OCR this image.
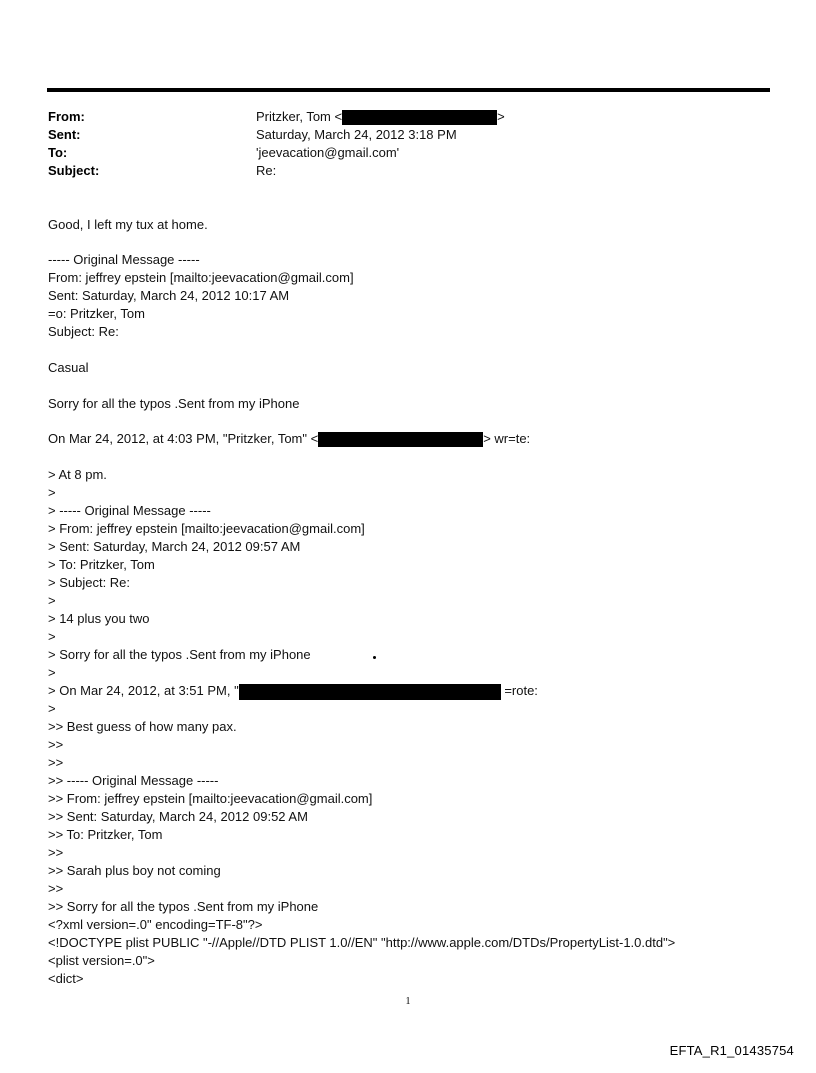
From:	Pritzker, Tom <	>
Sent:	Saturday, March 24, 2012 3:18 PM
To:	'jeevacation@gmail.com'
Subject:	Re:
Good, I left my tux at home.
----- Original Message -----
From: jeffrey epstein [mailto:jeevacation@gmail.com]
Sent: Saturday, March 24, 2012 10:17 AM
=o: Pritzker, Tom
Subject: Re:
Casual
Sorry for all the typos .Sent from my iPhone
On Mar 24, 2012, at 4:03 PM, "Pritzker, Tom" <	> wr=te:
> At 8 pm.
>
> ----- Original Message -----
> From: jeffrey epstein [mailto:jeevacation@gmail.com]
> Sent: Saturday, March 24, 2012 09:57 AM
> To: Pritzker, Tom
> Subject: Re:
>
> 14 plus you two
>
> Sorry for all the typos .Sent from my iPhone
>
> On Mar 24, 2012, at 3:51 PM, "	=rote:
>
>> Best guess of how many pax.
>>
>>
>> ----- Original Message -----
>> From: jeffrey epstein [mailto:jeevacation@gmail.com]
>> Sent: Saturday, March 24, 2012 09:52 AM
>> To: Pritzker, Tom
>>
>> Sarah plus boy not coming
>>
>> Sorry for all the typos .Sent from my iPhone
<?xml version=.0" encoding=TF-8"?>
<!DOCTYPE plist PUBLIC "-//Apple//DTD PLIST 1.0//EN" "http://www.apple.com/DTDs/PropertyList-1.0.dtd">
<plist version=.0">
<dict>
1
EFTA_R1_01435754
